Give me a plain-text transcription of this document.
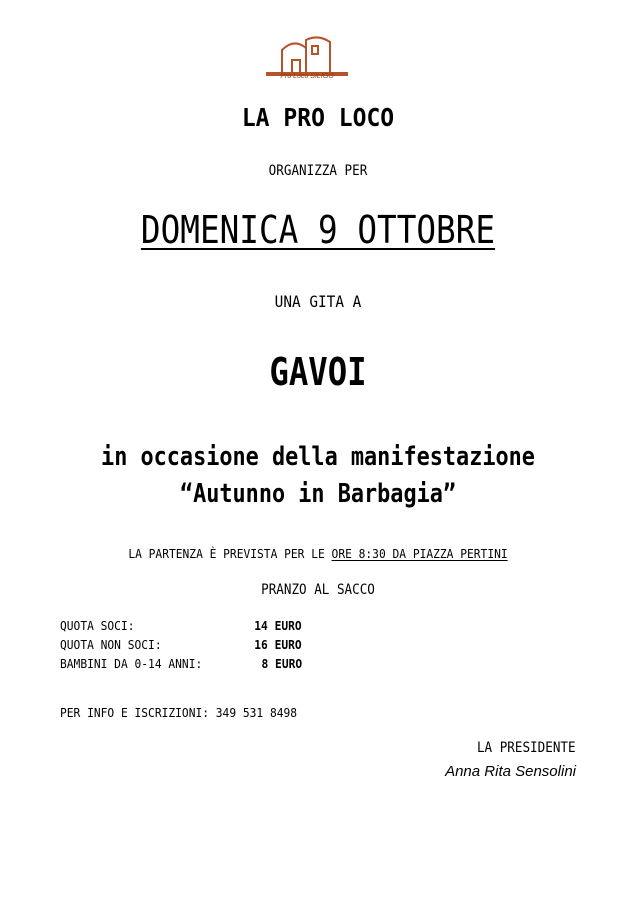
Pro Loco SILIGO
LA PRO LOCO
ORGANIZZA PER
DOMENICA 9 OTTOBRE
UNA GITA A
GAVOI
in occasione della manifestazione
“Autunno in Barbagia”
LA PARTENZA È PREVISTA PER LE ORE 8:30 DA PIAZZA PERTINI
PRANZO AL SACCO
QUOTA SOCI:	14 EURO
QUOTA NON SOCI:	16 EURO
BAMBINI DA 0-14 ANNI:	8 EURO
PER INFO E ISCRIZIONI: 349 531 8498
LA PRESIDENTE
Anna Rita Sensolini
